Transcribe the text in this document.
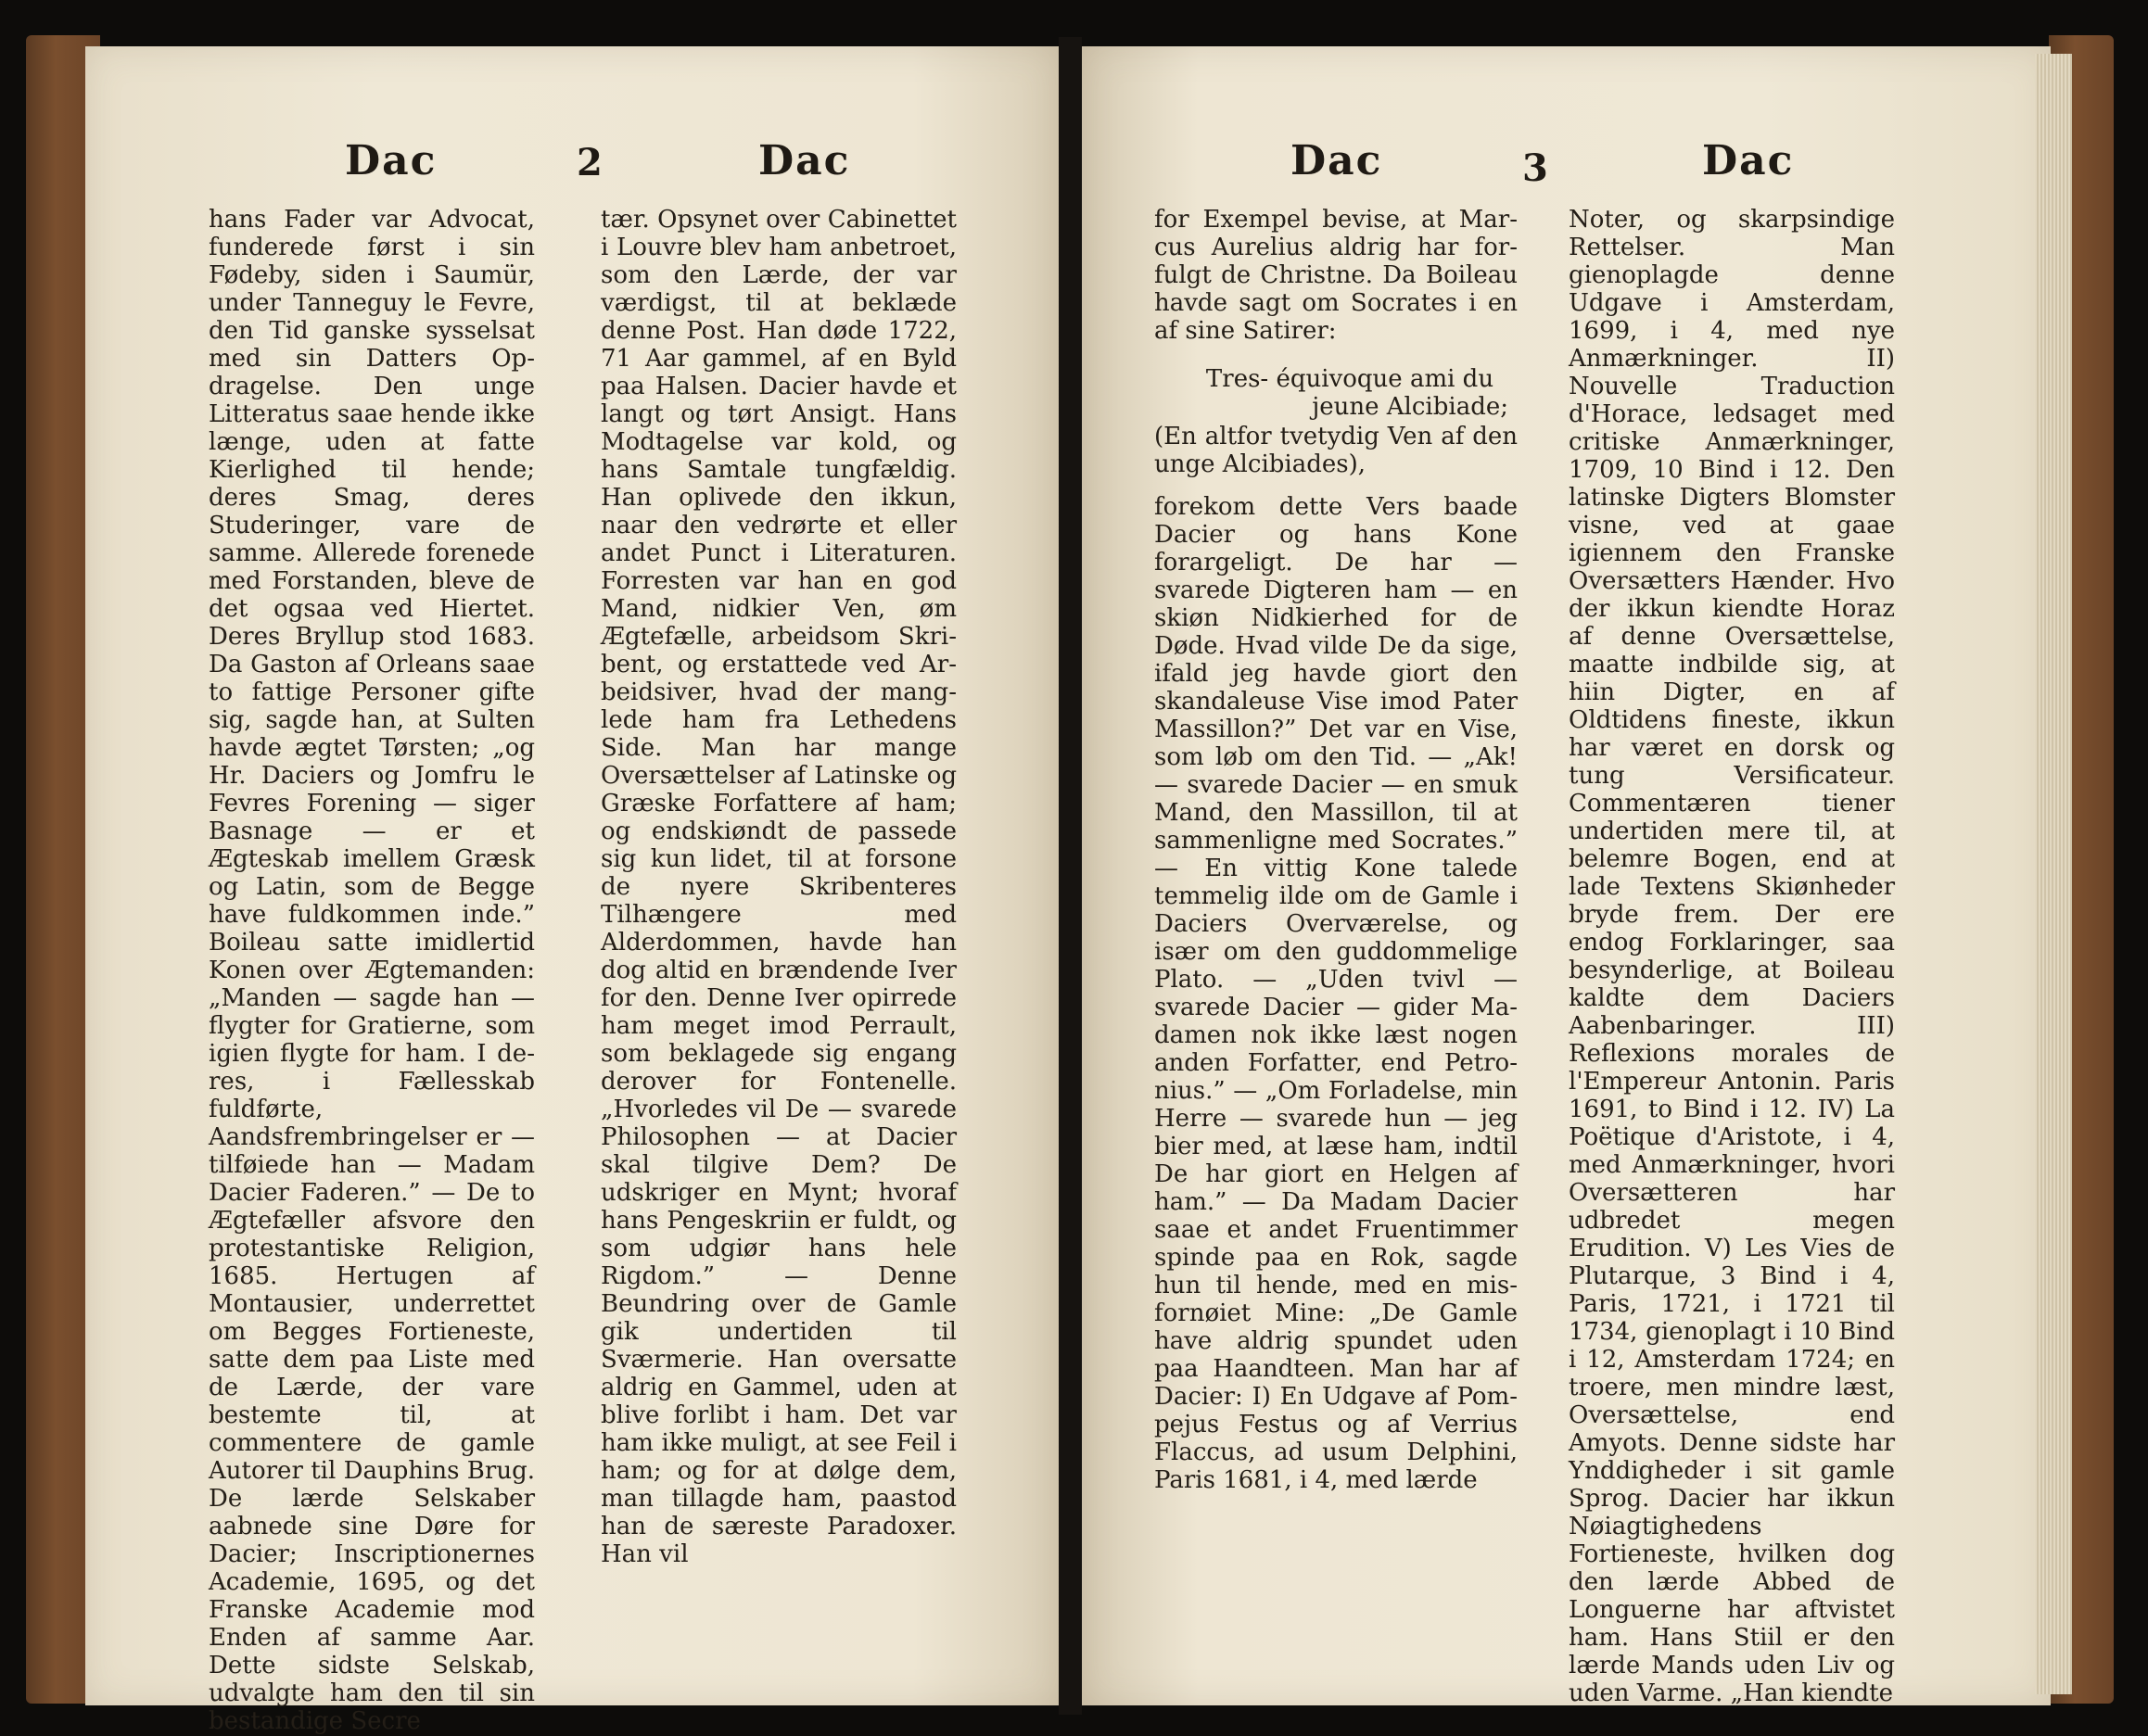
Dac	2	Dac

hans Fader var Advocat, funderede først i sin Fødeby, siden i Saumür, under Tanneguy le Fevre, den Tid ganske sysselsat med sin Datters Opdragelse. Den unge Litteratus saae hende ikke længe, uden at fatte Kierlighed til hende; deres Smag, deres Studeringer, vare de samme. Allerede forenede med Forstanden, bleve de det ogsaa ved Hiertet. Deres Bryllup stod 1683. Da Gaston af Orleans saae to fattige Personer gifte sig, sagde han, at Sulten havde ægtet Tørsten; „og Hr. Daciers og Jomfru le Fevres Forening — siger Basnage — er et Ægteskab imellem Græsk og Latin, som de Begge have fuldkommen inde.” Boileau satte imidlertid Konen over Ægtemanden: „Manden — sagde han — flygter for Gratierne, som igien flygte for ham. I deres, i Fællesskab fuldførte, Aandsfrembringelser er — tilføiede han — Madam Dacier Faderen.” — De to Ægtefæller afsvore den protestantiske Religion, 1685. Hertugen af Montausier, underrettet om Begges Fortieneste, satte dem paa Liste med de Lærde, der vare bestemte til, at commentere de gamle Autorer til Dauphins Brug. De lærde Selskaber aabnede sine Døre for Dacier; Inscriptionernes Academie, 1695, og det Franske Academie mod Enden af samme Aar. Dette sidste Selskab, udvalgte ham den til sin bestandige Secre

tær. Opsynet over Cabinettet i Louvre blev ham anbetroet, som den Lærde, der var værdigst, til at beklæde denne Post. Han døde 1722, 71 Aar gammel, af en Byld paa Halsen. Dacier havde et langt og tørt Ansigt. Hans Modtagelse var kold, og hans Samtale tungfældig. Han oplivede den ikkun, naar den vedrørte et eller andet Punct i Literaturen. Forresten var han en god Mand, nidkier Ven, øm Ægtefælle, arbeidsom Skribent, og erstattede ved Arbeidsiver, hvad der manglede ham fra Lethedens Side. Man har mange Oversættelser af Latinske og Græske Forfattere af ham; og endskiøndt de passede sig kun lidet, til at forsone de nyere Skribenteres Tilhængere med Alderdommen, havde han dog altid en brændende Iver for den. Denne Iver opirrede ham meget imod Perrault, som beklagede sig engang derover for Fontenelle. „Hvorledes vil De — svarede Philosophen — at Dacier skal tilgive Dem? De udskriger en Mynt; hvoraf hans Pengeskriin er fuldt, og som udgiør hans hele Rigdom.” — Denne Beundring over de Gamle gik undertiden til Sværmerie. Han oversatte aldrig en Gammel, uden at blive forlibt i ham. Det var ham ikke muligt, at see Feil i ham; og for at dølge dem, man tillagde ham, paastod han de særeste Paradoxer. Han vil

Dac	3	Dac

for Exempel bevise, at Marcus Aurelius aldrig har forfulgt de Christne. Da Boileau havde sagt om Socrates i en af sine Satirer:

Tres- équivoque ami du
jeune Alcibiade;

(En altfor tvetydig Ven af den unge Alcibiades),

forekom dette Vers baade Dacier og hans Kone forargeligt. De har — svarede Digteren ham — en skiøn Nidkierhed for de Døde. Hvad vilde De da sige, ifald jeg havde giort den skandaleuse Vise imod Pater Massillon?” Det var en Vise, som løb om den Tid. — „Ak! — svarede Dacier — en smuk Mand, den Massillon, til at sammenligne med Socrates.” — En vittig Kone talede temmelig ilde om de Gamle i Daciers Overværelse, og især om den guddommelige Plato. — „Uden tvivl — svarede Dacier — gider Madamen nok ikke læst nogen anden Forfatter, end Petronius.” — „Om Forladelse, min Herre — svarede hun — jeg bier med, at læse ham, indtil De har giort en Helgen af ham.” — Da Madam Dacier saae et andet Fruentimmer spinde paa en Rok, sagde hun til hende, med en misfornøiet Mine: „De Gamle have aldrig spundet uden paa Haandteen. Man har af Dacier: I) En Udgave af Pompejus Festus og af Verrius Flaccus, ad usum Delphini, Paris 1681, i 4, med lærde

Noter, og skarpsindige Rettelser. Man gienoplagde denne Udgave i Amsterdam, 1699, i 4, med nye Anmærkninger. II) Nouvelle Traduction d'Horace, ledsaget med critiske Anmærkninger, 1709, 10 Bind i 12. Den latinske Digters Blomster visne, ved at gaae igiennem den Franske Oversætters Hænder. Hvo der ikkun kiendte Horaz af denne Oversættelse, maatte indbilde sig, at hiin Digter, en af Oldtidens fineste, ikkun har været en dorsk og tung Versificateur. Commentæren tiener undertiden mere til, at belemre Bogen, end at lade Textens Skiønheder bryde frem. Der ere endog Forklaringer, saa besynderlige, at Boileau kaldte dem Daciers Aabenbaringer. III) Reflexions morales de l'Empereur Antonin. Paris 1691, to Bind i 12. IV) La Poëtique d'Aristote, i 4, med Anmærkninger, hvori Oversætteren har udbredet megen Erudition. V) Les Vies de Plutarque, 3 Bind i 4, Paris, 1721, i 1721 til 1734, gienoplagt i 10 Bind i 12, Amsterdam 1724; en troere, men mindre læst, Oversættelse, end Amyots. Denne sidste har Ynddigheder i sit gamle Sprog. Dacier har ikkun Nøiagtighedens Fortieneste, hvilken dog den lærde Abbed de Longuerne har aftvistet ham. Hans Stiil er den lærde Mands uden Liv og uden Varme. „Han kiendte
